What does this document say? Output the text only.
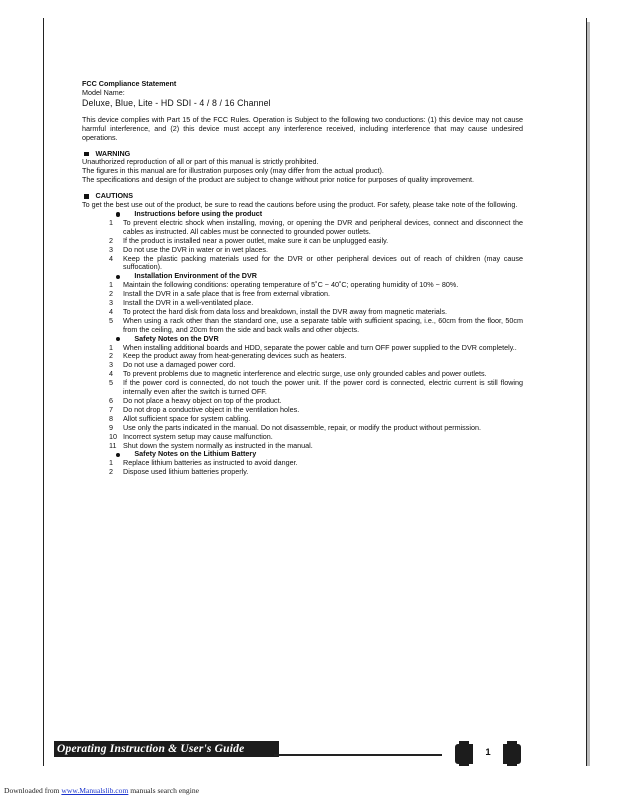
FCC Compliance Statement

Model Name:

Deluxe, Blue, Lite - HD SDI - 4 / 8 / 16 Channel

This device complies with Part 15 of the FCC Rules. Operation is Subject to the following two conductions: (1) this device may not cause harmful interference, and (2) this device must accept any interference received, including interference that may cause undesired operations.

WARNING

Unauthorized reproduction of all or part of this manual is strictly prohibited.

The figures in this manual are for illustration purposes only (may differ from the actual product).

The specifications and design of the product are subject to change without prior notice for purposes of quality improvement.

CAUTIONS

To get the best use out of the product, be sure to read the cautions before using the product. For safety, please take note of the following.

Instructions before using the product
1	To prevent electric shock when installing, moving, or opening the DVR and peripheral devices, connect and disconnect the cables as instructed. All cables must be connected to grounded power outlets.
2	If the product is installed near a power outlet, make sure it can be unplugged easily.
3	Do not use the DVR in water or in wet places.
4	Keep the plastic packing materials used for the DVR or other peripheral devices out of reach of children (may cause suffocation).
Installation Environment of the DVR
1	Maintain the following conditions: operating temperature of 5˚C ~ 40˚C; operating humidity of 10% ~ 80%.
2	Install the DVR in a safe place that is free from external vibration.
3	Install the DVR in a well-ventilated place.
4	To protect the hard disk from data loss and breakdown, install the DVR away from magnetic materials.
5	When using a rack other than the standard one, use a separate table with sufficient spacing, i.e., 60cm from the floor, 50cm from the ceiling, and 20cm from the side and back walls and other objects.
Safety Notes on the DVR
1	When installing additional boards and HDD, separate the power cable and turn OFF power supplied to the DVR completely..
2	Keep the product away from heat-generating devices such as heaters.
3	Do not use a damaged power cord.
4	To prevent problems due to magnetic interference and electric surge, use only grounded cables and power outlets.
5	If the power cord is connected, do not touch the power unit. If the power cord is connected, electric current is still flowing internally even after the switch is turned OFF.
6	Do not place a heavy object on top of the product.
7	Do not drop a conductive object in the ventilation holes.
8	Allot sufficient space for system cabling.
9	Use only the parts indicated in the manual. Do not disassemble, repair, or modify the product without permission.
10 Incorrect system setup may cause malfunction.
11 Shut down the system normally as instructed in the manual.
Safety Notes on the Lithium Battery
1	Replace lithium batteries as instructed to avoid danger.
2	Dispose used lithium batteries properly.
Operating Instruction & User's Guide	1
Downloaded from www.Manualslib.com manuals search engine
